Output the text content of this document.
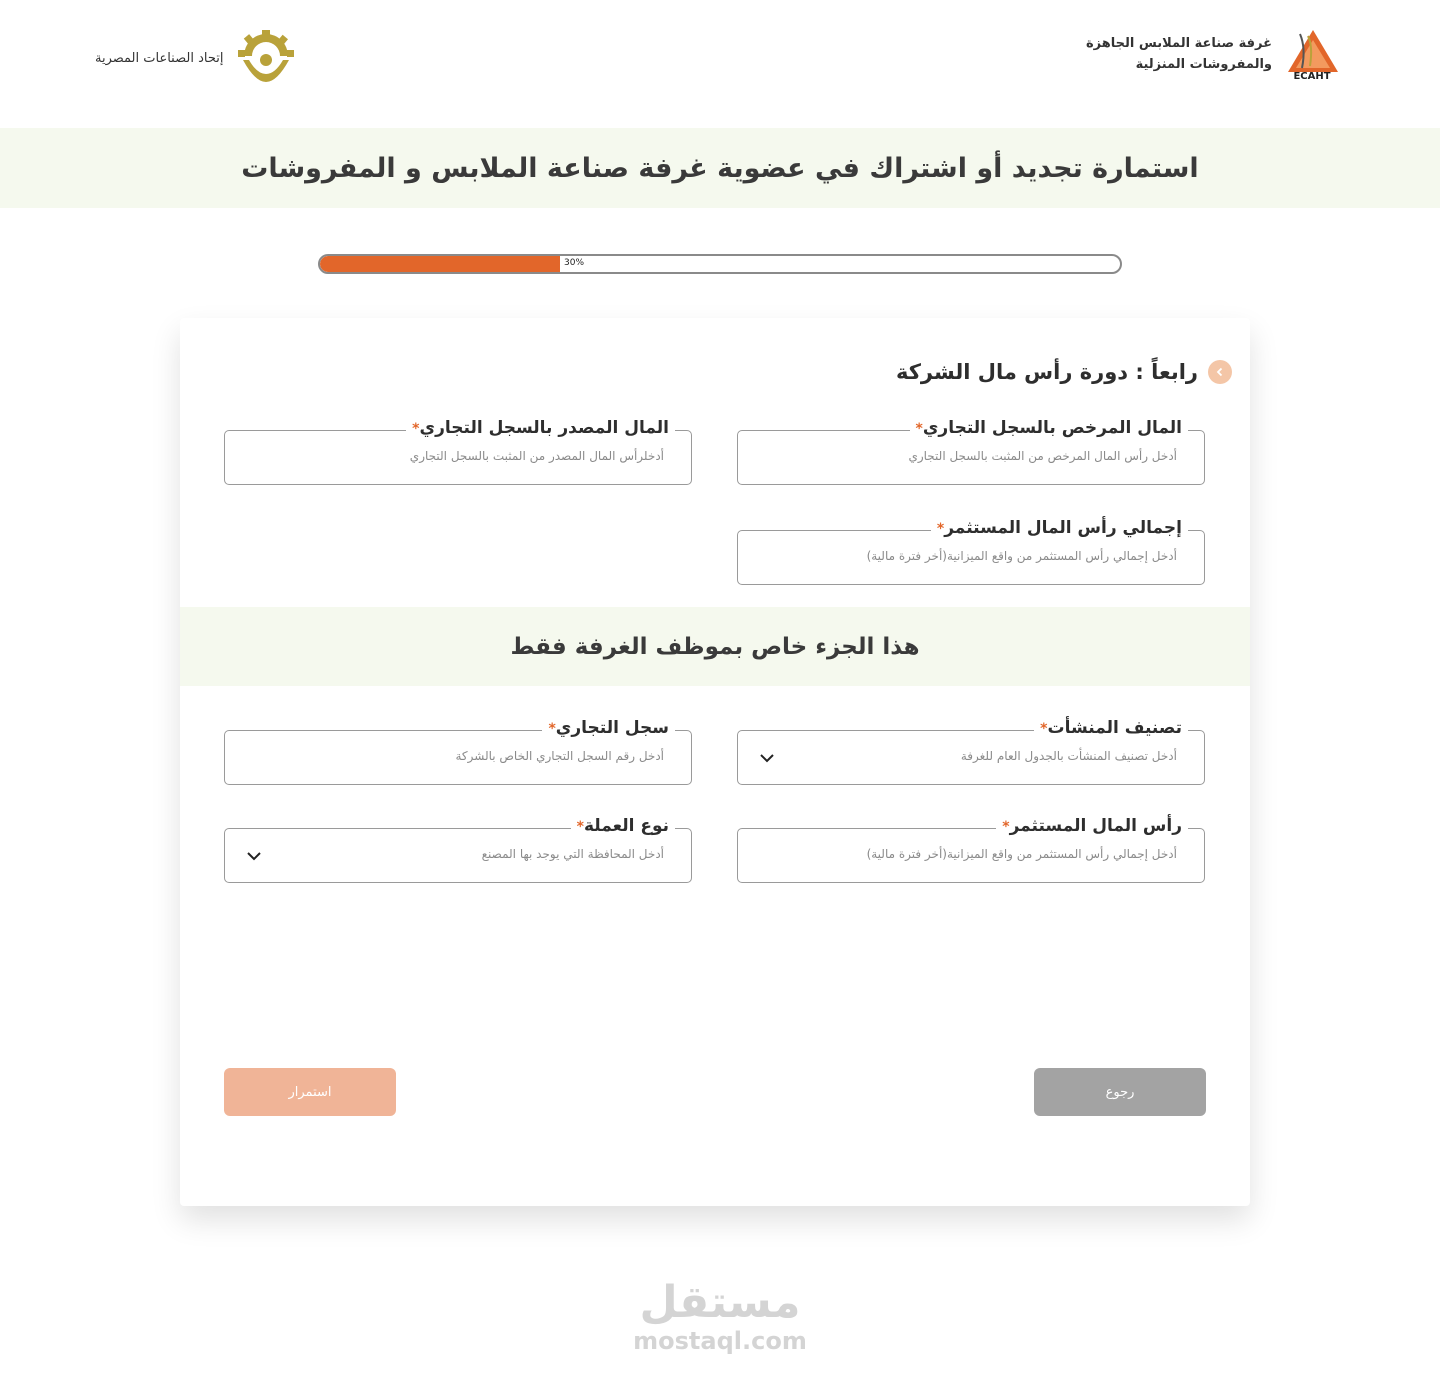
غرفة صناعة الملابس الجاهزة
والمفروشات المنزلية
ECAHT
إتحاد الصناعات المصرية
استمارة تجديد أو اشتراك في عضوية غرفة صناعة الملابس و المفروشات
30%
رابعاً : دورة رأس مال الشركة
المال المرخص بالسجل التجاري*
أدخل رأس المال المرخص من المثبت بالسجل التجاري
المال المصدر بالسجل التجاري*
أدخلرأس المال المصدر من المثبت بالسجل التجاري
إجمالي رأس المال المستثمر*
أدخل إجمالي رأس المستثمر من واقع الميزانية(أخر فترة مالية)
هذا الجزء خاص بموظف الغرفة فقط
تصنيف المنشأت*
أدخل تصنيف المنشأت بالجدول العام للغرفة
سجل التجاري*
أدخل رقم السجل التجاري الخاص بالشركة
رأس المال المستثمر*
أدخل إجمالي رأس المستثمر من واقع الميزانية(أخر فترة مالية)
نوع العملة*
أدخل المحافظة التي يوجد بها المصنع
رجوع
استمرار
مستقل
mostaql.com
